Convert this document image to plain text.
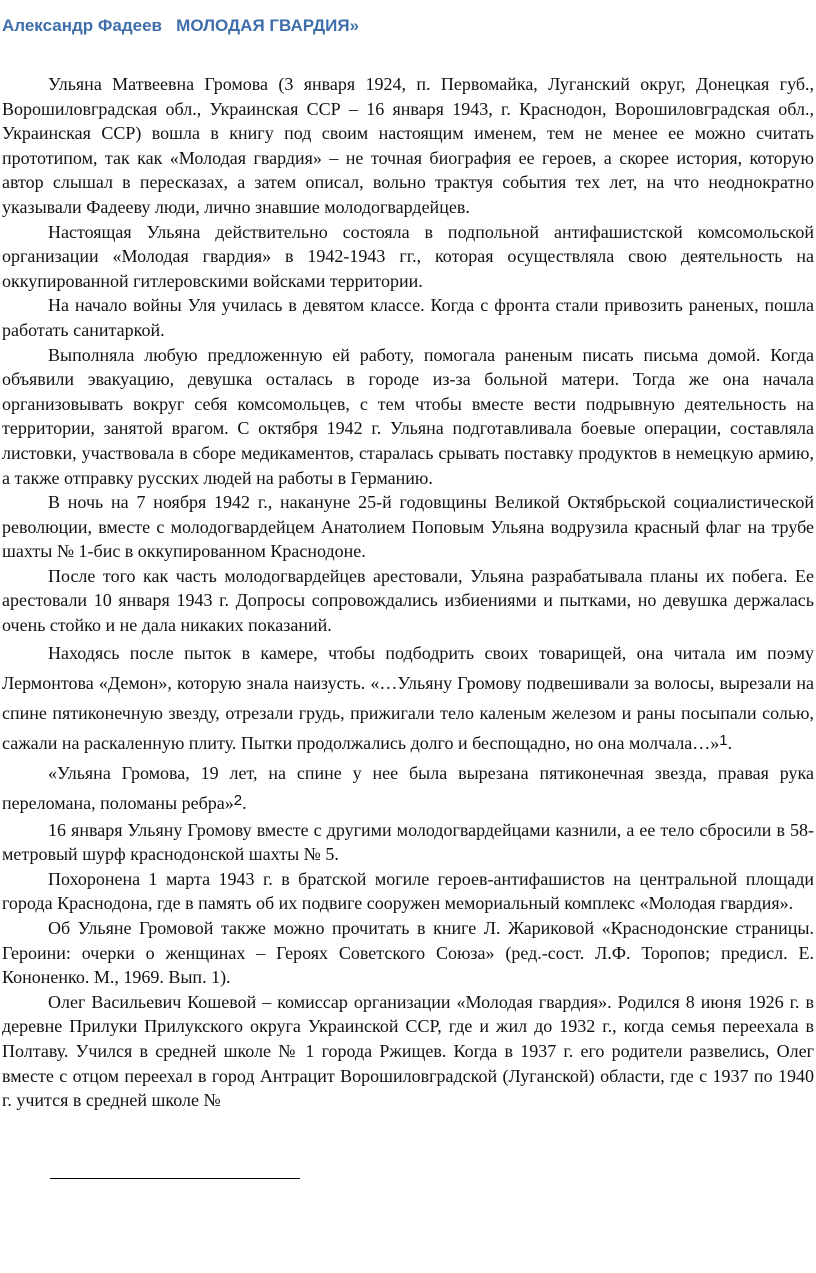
Александр Фадеев МОЛОДАЯ ГВАРДИЯ»

Ульяна Матвеевна Громова (3 января 1924, п. Первомайка, Луганский округ, Донецкая губ., Ворошиловградская обл., Украинская ССР – 16 января 1943, г. Краснодон, Ворошиловградская обл., Украинская ССР) вошла в книгу под своим настоящим именем, тем не менее ее можно считать прототипом, так как «Молодая гвардия» – не точная биография ее героев, а скорее история, которую автор слышал в пересказах, а затем описал, вольно трактуя события тех лет, на что неоднократно указывали Фадееву люди, лично знавшие молодогвардейцев.

Настоящая Ульяна действительно состояла в подпольной антифашистской комсомольской организации «Молодая гвардия» в 1942-1943 гг., которая осуществляла свою деятельность на оккупированной гитлеровскими войсками территории.

На начало войны Уля училась в девятом классе. Когда с фронта стали привозить раненых, пошла работать санитаркой.

Выполняла любую предложенную ей работу, помогала раненым писать письма домой. Когда объявили эвакуацию, девушка осталась в городе из-за больной матери. Тогда же она начала организовывать вокруг себя комсомольцев, с тем чтобы вместе вести подрывную деятельность на территории, занятой врагом. С октября 1942 г. Ульяна подготавливала боевые операции, составляла листовки, участвовала в сборе медикаментов, старалась срывать поставку продуктов в немецкую армию, а также отправку русских людей на работы в Германию.

В ночь на 7 ноября 1942 г., накануне 25-й годовщины Великой Октябрьской социалистической революции, вместе с молодогвардейцем Анатолием Поповым Ульяна водрузила красный флаг на трубе шахты № 1-бис в оккупированном Краснодоне.

После того как часть молодогвардейцев арестовали, Ульяна разрабатывала планы их побега. Ее арестовали 10 января 1943 г. Допросы сопровождались избиениями и пытками, но девушка держалась очень стойко и не дала никаких показаний.

Находясь после пыток в камере, чтобы подбодрить своих товарищей, она читала им поэму Лермонтова «Демон», которую знала наизусть. «…Ульяну Громову подвешивали за волосы, вырезали на спине пятиконечную звезду, отрезали грудь, прижигали тело каленым железом и раны посыпали солью, сажали на раскаленную плиту. Пытки продолжались долго и беспощадно, но она молчала…»$^1$.

«Ульяна Громова, 19 лет, на спине у нее была вырезана пятиконечная звезда, правая рука переломана, поломаны ребра»$^2$.

16 января Ульяну Громову вместе с другими молодогвардейцами казнили, а ее тело сбросили в 58-метровый шурф краснодонской шахты № 5.

Похоронена 1 марта 1943 г. в братской могиле героев-антифашистов на центральной площади города Краснодона, где в память об их подвиге сооружен мемориальный комплекс «Молодая гвардия».

Об Ульяне Громовой также можно прочитать в книге Л. Жариковой «Краснодонские страницы. Героини: очерки о женщинах – Героях Советского Союза» (ред.-сост. Л.Ф. Торопов; предисл. Е. Кононенко. М., 1969. Вып. 1).

Олег Васильевич Кошевой – комиссар организации «Молодая гвардия». Родился 8 июня 1926 г. в деревне Прилуки Прилукского округа Украинской ССР, где и жил до 1932 г., когда семья переехала в Полтаву. Учился в средней школе № 1 города Ржищев. Когда в 1937 г. его родители развелись, Олег вместе с отцом переехал в город Антрацит Ворошиловградской (Луганской) области, где с 1937 по 1940 г. учится в средней школе №
